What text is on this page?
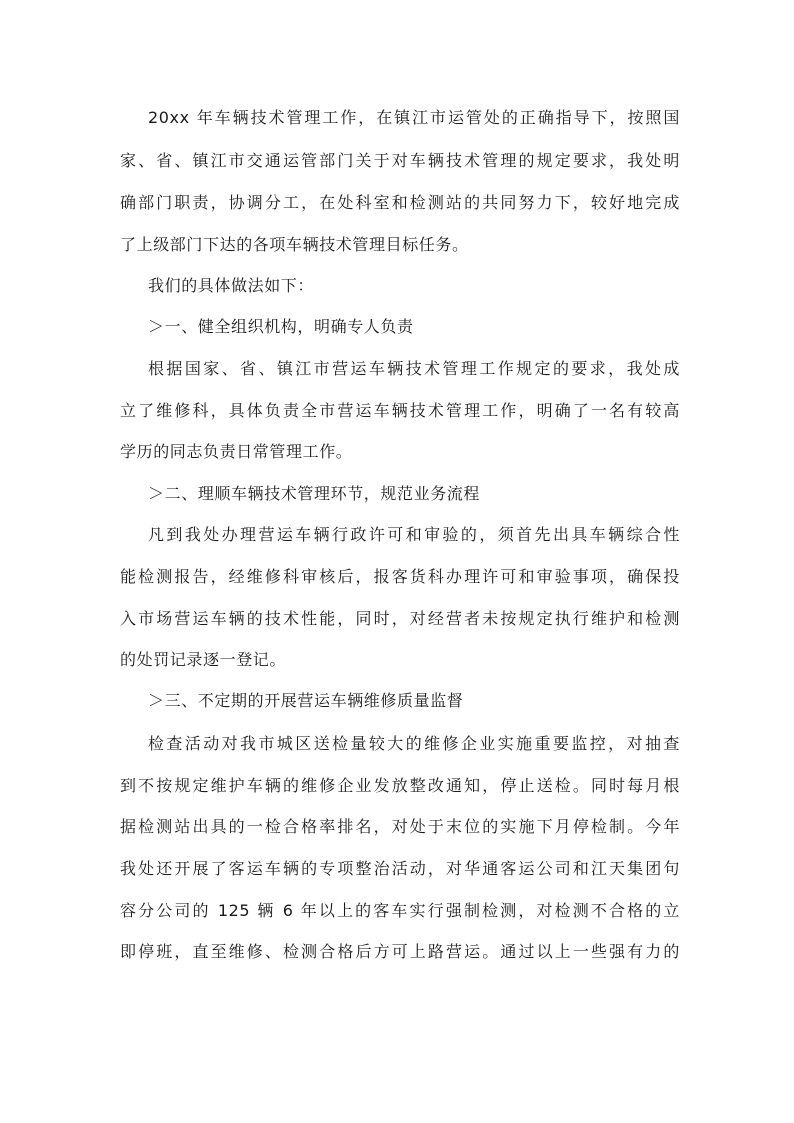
20xx 年车辆技术管理工作，在镇江市运管处的正确指导下，按照国
家、省、镇江市交通运管部门关于对车辆技术管理的规定要求，我处明
确部门职责，协调分工，在处科室和检测站的共同努力下，较好地完成
了上级部门下达的各项车辆技术管理目标任务。
我们的具体做法如下：
＞一、健全组织机构，明确专人负责
根据国家、省、镇江市营运车辆技术管理工作规定的要求，我处成
立了维修科，具体负责全市营运车辆技术管理工作，明确了一名有较高
学历的同志负责日常管理工作。
＞二、理顺车辆技术管理环节，规范业务流程
凡到我处办理营运车辆行政许可和审验的，须首先出具车辆综合性
能检测报告，经维修科审核后，报客货科办理许可和审验事项，确保投
入市场营运车辆的技术性能，同时，对经营者未按规定执行维护和检测
的处罚记录逐一登记。
＞三、不定期的开展营运车辆维修质量监督
检查活动对我市城区送检量较大的维修企业实施重要监控，对抽查
到不按规定维护车辆的维修企业发放整改通知，停止送检。同时每月根
据检测站出具的一检合格率排名，对处于末位的实施下月停检制。今年
我处还开展了客运车辆的专项整治活动，对华通客运公司和江天集团句
容分公司的 125 辆 6 年以上的客车实行强制检测，对检测不合格的立
即停班，直至维修、检测合格后方可上路营运。通过以上一些强有力的
